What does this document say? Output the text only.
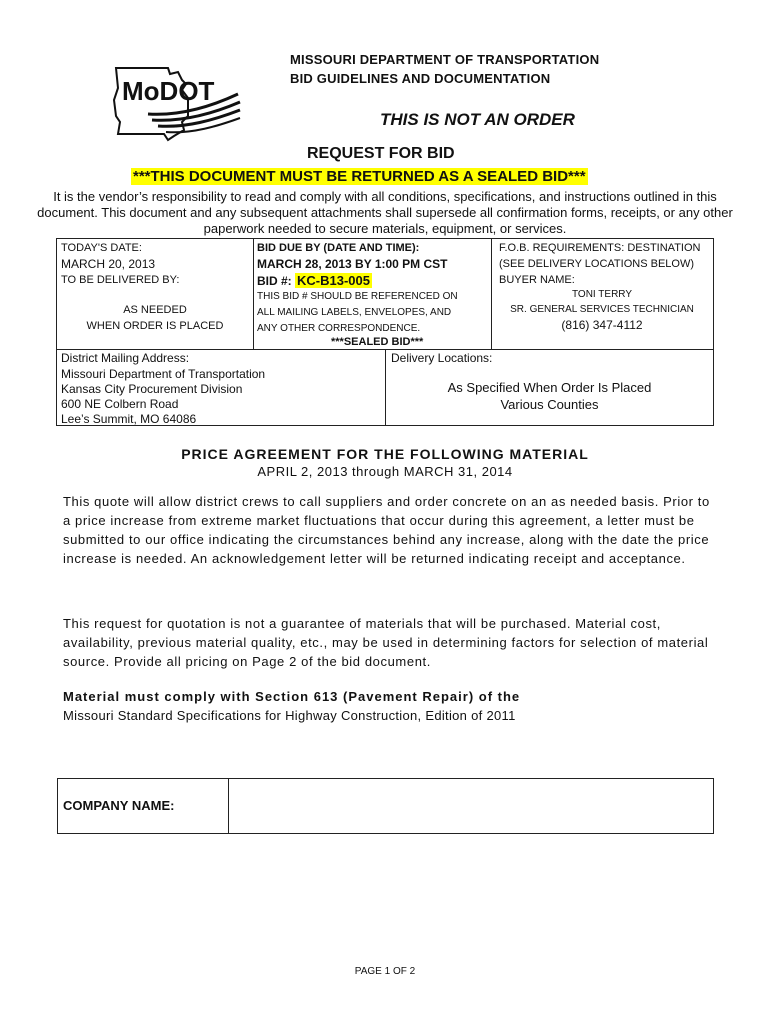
MoDOT
MISSOURI DEPARTMENT OF TRANSPORTATION
BID GUIDELINES AND DOCUMENTATION
THIS IS NOT AN ORDER
REQUEST FOR BID
***THIS DOCUMENT MUST BE RETURNED AS A SEALED BID***
It is the vendor’s responsibility to read and comply with all conditions, specifications, and instructions outlined in this document. This document and any subsequent attachments shall supersede all confirmation forms, receipts, or any other paperwork needed to secure materials, equipment, or services.
TODAY'S DATE:
MARCH 20, 2013
TO BE DELIVERED BY:
AS NEEDED
WHEN ORDER IS PLACED
BID DUE BY (DATE AND TIME):
MARCH 28, 2013 BY 1:00 PM CST
BID #: KC-B13-005
THIS BID # SHOULD BE REFERENCED ON
ALL MAILING LABELS, ENVELOPES, AND
ANY OTHER CORRESPONDENCE.
***SEALED BID***
F.O.B. REQUIREMENTS: DESTINATION
(SEE DELIVERY LOCATIONS BELOW)
BUYER NAME:
TONI TERRY
SR. GENERAL SERVICES TECHNICIAN
(816) 347-4112
District Mailing Address:
Missouri Department of Transportation
Kansas City Procurement Division
600 NE Colbern Road
Lee’s Summit, MO 64086
Delivery Locations:
As Specified When Order Is Placed
Various Counties
PRICE AGREEMENT FOR THE FOLLOWING MATERIAL
APRIL 2, 2013 through MARCH 31, 2014
This quote will allow district crews to call suppliers and order concrete on an as needed basis. Prior to a price increase from extreme market fluctuations that occur during this agreement, a letter must be submitted to our office indicating the circumstances behind any increase, along with the date the price increase is needed. An acknowledgement letter will be returned indicating receipt and acceptance.
This request for quotation is not a guarantee of materials that will be purchased. Material cost, availability, previous material quality, etc., may be used in determining factors for selection of material source. Provide all pricing on Page 2 of the bid document.
Material must comply with Section 613 (Pavement Repair) of the
Missouri Standard Specifications for Highway Construction, Edition of 2011
COMPANY NAME:
PAGE 1 OF 2
